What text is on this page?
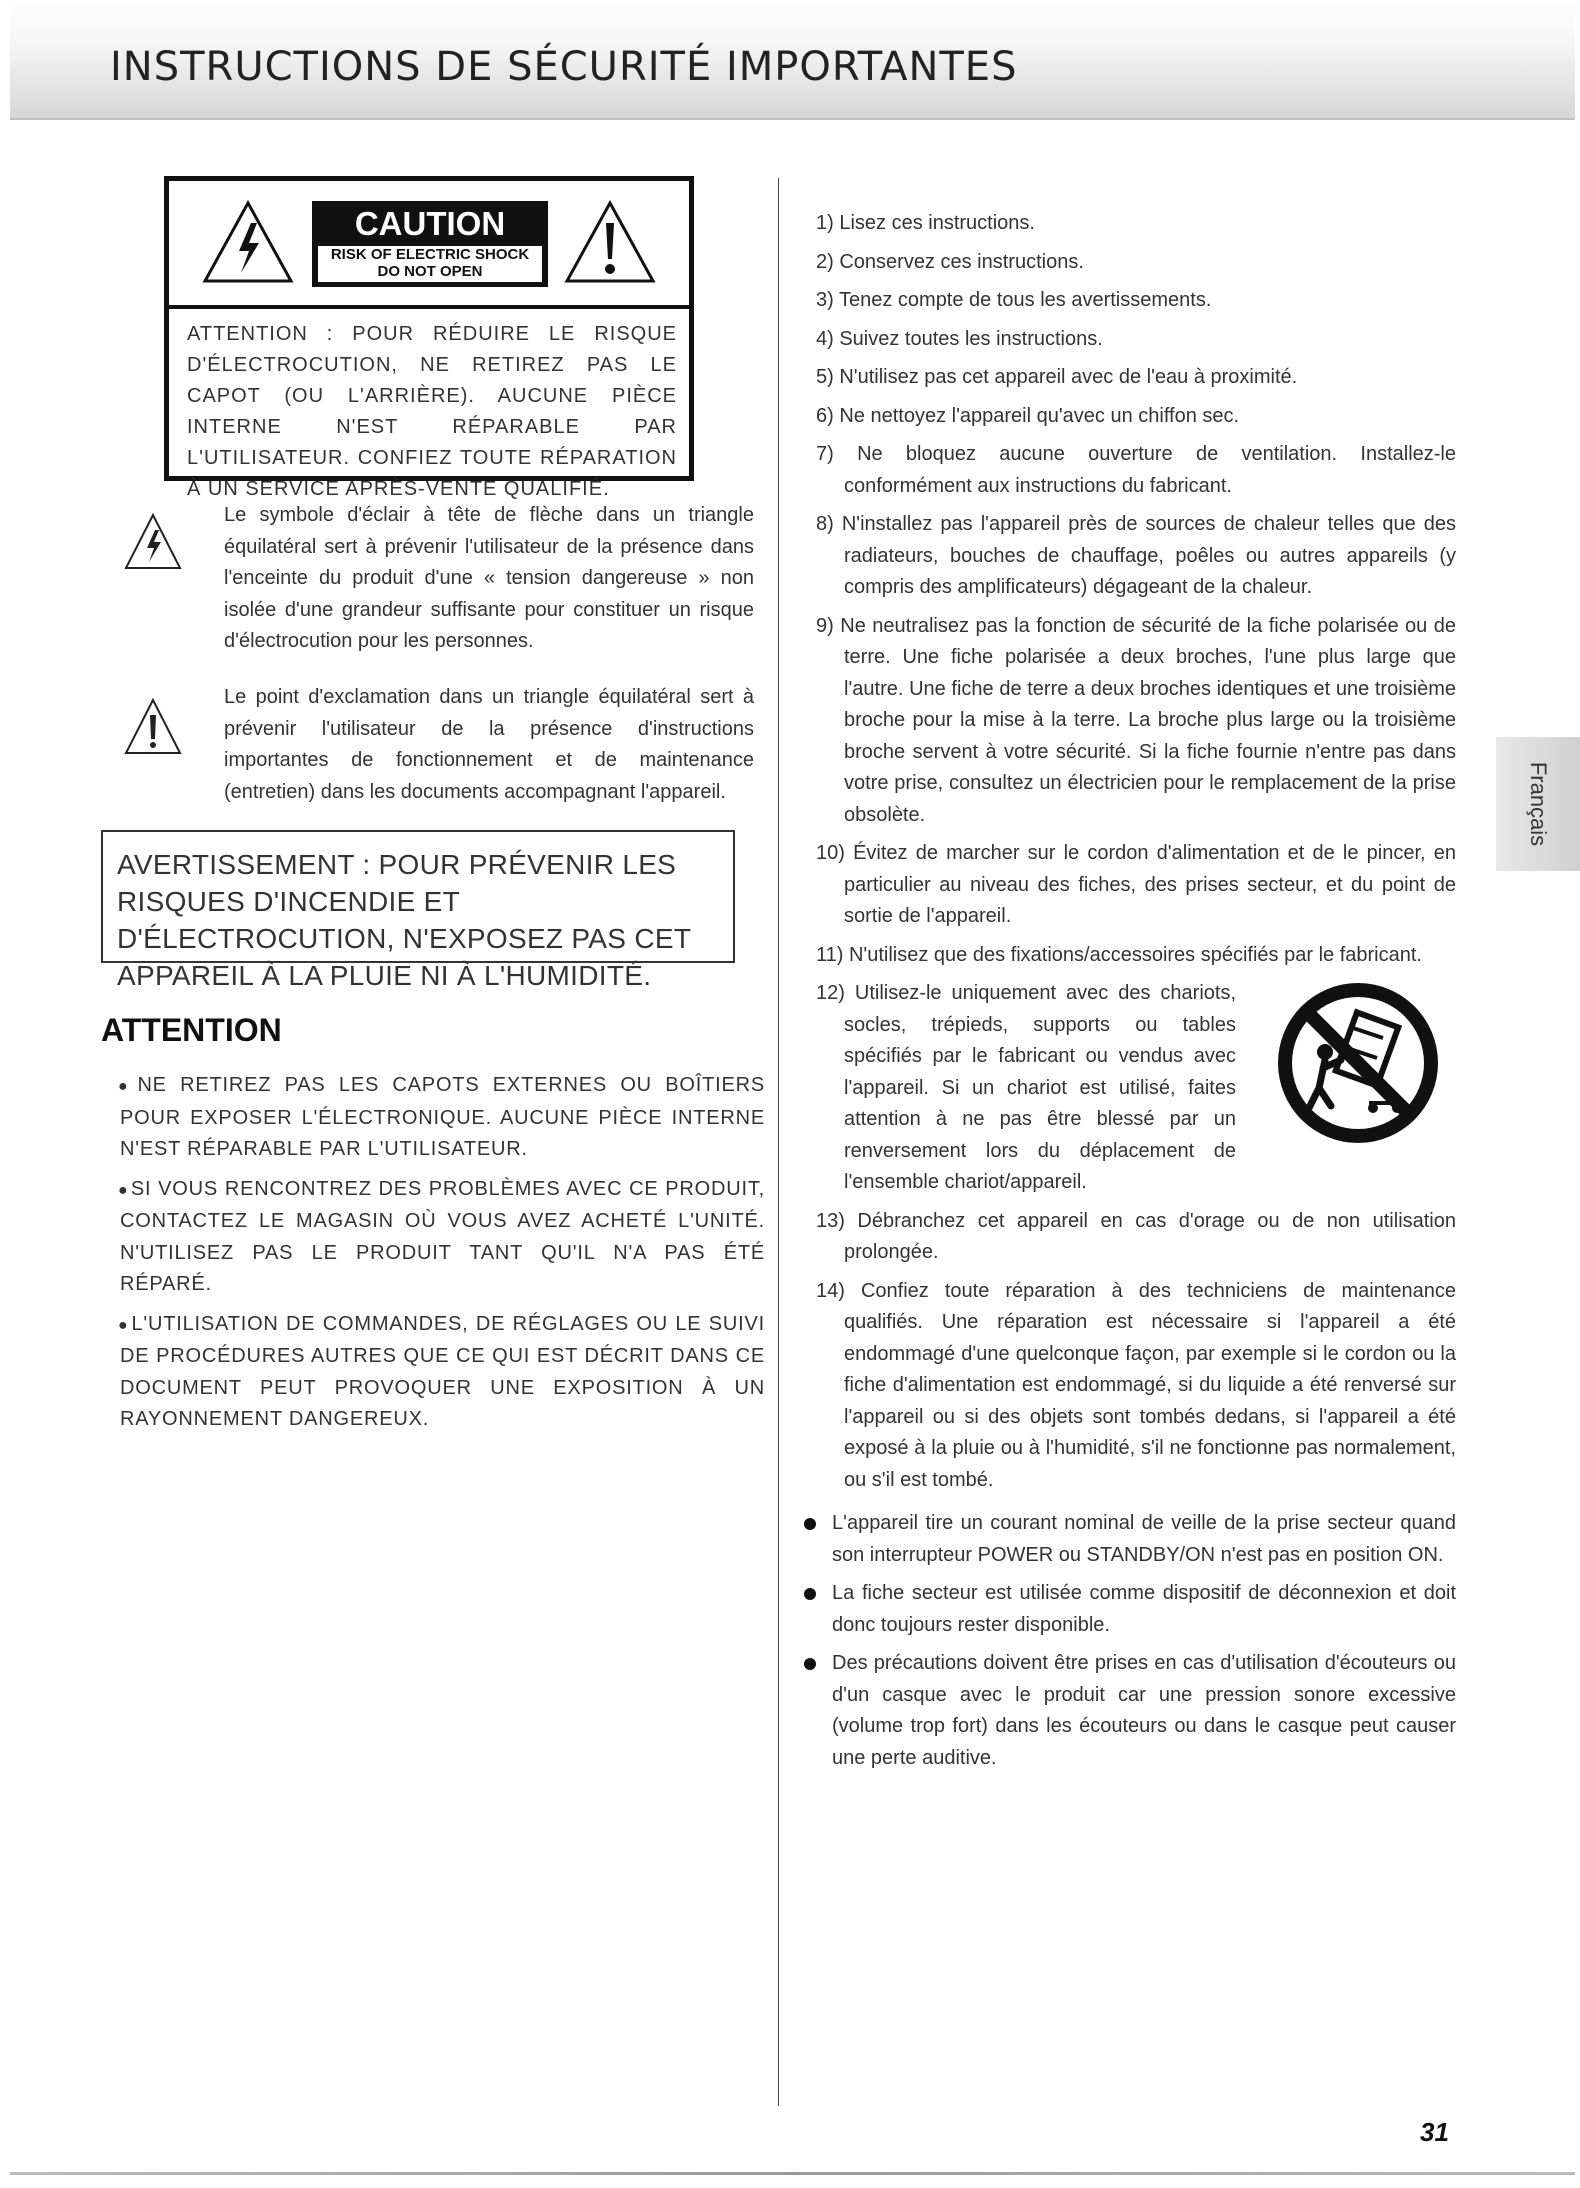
INSTRUCTIONS DE SÉCURITÉ IMPORTANTES
CAUTION
RISK OF ELECTRIC SHOCK
DO NOT OPEN

ATTENTION : POUR RÉDUIRE LE RISQUE D'ÉLECTROCUTION, NE RETIREZ PAS LE CAPOT (OU L'ARRIÈRE). AUCUNE PIÈCE INTERNE N'EST RÉPARABLE PAR L'UTILISATEUR. CONFIEZ TOUTE RÉPARATION À UN SERVICE APRÈS-VENTE QUALIFIÉ.

Le symbole d'éclair à tête de flèche dans un triangle équilatéral sert à prévenir l'utilisateur de la présence dans l'enceinte du produit d'une « tension dangereuse » non isolée d'une grandeur suffisante pour constituer un risque d'électrocution pour les personnes.

Le point d'exclamation dans un triangle équilatéral sert à prévenir l'utilisateur de la présence d'instructions importantes de fonctionnement et de maintenance (entretien) dans les documents accompagnant l'appareil.

AVERTISSEMENT : POUR PRÉVENIR LES RISQUES D'INCENDIE ET D'ÉLECTROCUTION, N'EXPOSEZ PAS CET APPAREIL À LA PLUIE NI À L'HUMIDITÉ.

ATTENTION
● NE RETIREZ PAS LES CAPOTS EXTERNES OU BOÎTIERS POUR EXPOSER L'ÉLECTRONIQUE. AUCUNE PIÈCE INTERNE N'EST RÉPARABLE PAR L'UTILISATEUR.
● SI VOUS RENCONTREZ DES PROBLÈMES AVEC CE PRODUIT, CONTACTEZ LE MAGASIN OÙ VOUS AVEZ ACHETÉ L'UNITÉ. N'UTILISEZ PAS LE PRODUIT TANT QU'IL N'A PAS ÉTÉ RÉPARÉ.
● L'UTILISATION DE COMMANDES, DE RÉGLAGES OU LE SUIVI DE PROCÉDURES AUTRES QUE CE QUI EST DÉCRIT DANS CE DOCUMENT PEUT PROVOQUER UNE EXPOSITION À UN RAYONNEMENT DANGEREUX.
1) Lisez ces instructions.
2) Conservez ces instructions.
3) Tenez compte de tous les avertissements.
4) Suivez toutes les instructions.
5) N'utilisez pas cet appareil avec de l'eau à proximité.
6) Ne nettoyez l'appareil qu'avec un chiffon sec.
7) Ne bloquez aucune ouverture de ventilation. Installez-le conformément aux instructions du fabricant.
8) N'installez pas l'appareil près de sources de chaleur telles que des radiateurs, bouches de chauffage, poêles ou autres appareils (y compris des amplificateurs) dégageant de la chaleur.
9) Ne neutralisez pas la fonction de sécurité de la fiche polarisée ou de terre. Une fiche polarisée a deux broches, l'une plus large que l'autre. Une fiche de terre a deux broches identiques et une troisième broche pour la mise à la terre. La broche plus large ou la troisième broche servent à votre sécurité. Si la fiche fournie n'entre pas dans votre prise, consultez un électricien pour le remplacement de la prise obsolète.
10) Évitez de marcher sur le cordon d'alimentation et de le pincer, en particulier au niveau des fiches, des prises secteur, et du point de sortie de l'appareil.
11) N'utilisez que des fixations/accessoires spécifiés par le fabricant.
12) Utilisez-le uniquement avec des chariots, socles, trépieds, supports ou tables spécifiés par le fabricant ou vendus avec l'appareil. Si un chariot est utilisé, faites attention à ne pas être blessé par un renversement lors du déplacement de l'ensemble chariot/appareil.
13) Débranchez cet appareil en cas d'orage ou de non utilisation prolongée.
14) Confiez toute réparation à des techniciens de maintenance qualifiés. Une réparation est nécessaire si l'appareil a été endommagé d'une quelconque façon, par exemple si le cordon ou la fiche d'alimentation est endommagé, si du liquide a été renversé sur l'appareil ou si des objets sont tombés dedans, si l'appareil a été exposé à la pluie ou à l'humidité, s'il ne fonctionne pas normalement, ou s'il est tombé.
L'appareil tire un courant nominal de veille de la prise secteur quand son interrupteur POWER ou STANDBY/ON n'est pas en position ON.
La fiche secteur est utilisée comme dispositif de déconnexion et doit donc toujours rester disponible.
Des précautions doivent être prises en cas d'utilisation d'écouteurs ou d'un casque avec le produit car une pression sonore excessive (volume trop fort) dans les écouteurs ou dans le casque peut causer une perte auditive.
Français

31
